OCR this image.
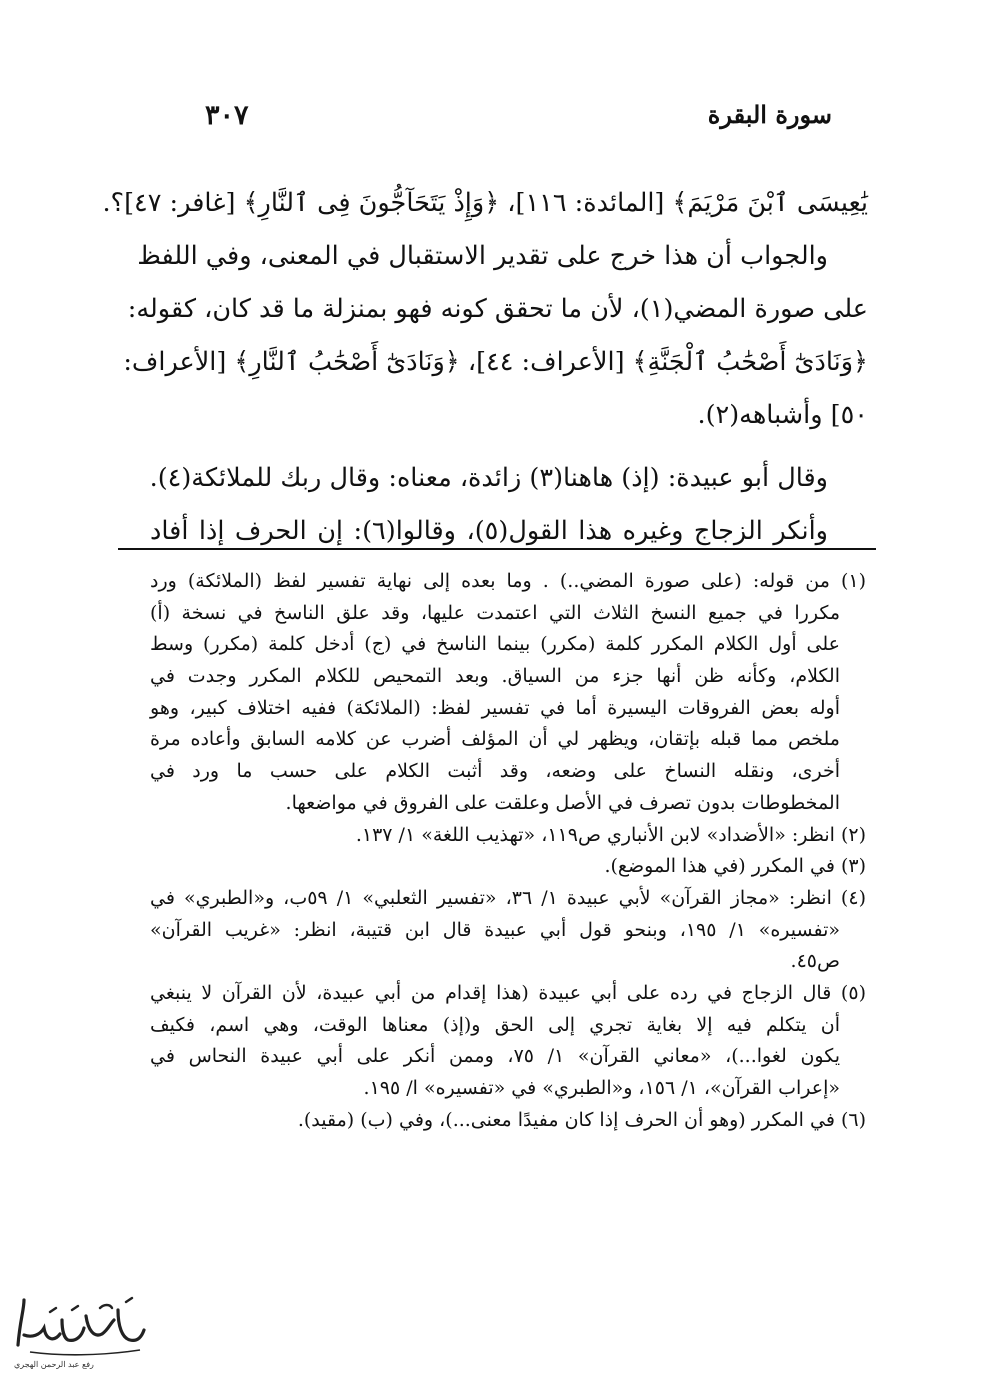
سورة البقرة
٣٠٧
يَٰعِيسَى ٱبْنَ مَرْيَمَ﴾ [المائدة: ١١٦]، ﴿وَإِذْ يَتَحَآجُّونَ فِى ٱلنَّارِ﴾ [غافر: ٤٧]؟.
والجواب أن هذا خرج على تقدير الاستقبال في المعنى، وفي اللفظ
على صورة المضي(١)، لأن ما تحقق كونه فهو بمنزلة ما قد كان، كقوله:
﴿وَنَادَىٰٓ أَصْحَٰبُ ٱلْجَنَّةِ﴾ [الأعراف: ٤٤]، ﴿وَنَادَىٰٓ أَصْحَٰبُ ٱلنَّارِ﴾ [الأعراف:
٥٠] وأشباهه(٢).
وقال أبو عبيدة: (إذ) هاهنا(٣) زائدة، معناه: وقال ربك للملائكة(٤).
وأنكر الزجاج وغيره هذا القول(٥)، وقالوا(٦): إن الحرف إذا أفاد
(١) من قوله: (على صورة المضي..) . وما بعده إلى نهاية تفسير لفظ (الملائكة) ورد
مكررا في جميع النسخ الثلاث التي اعتمدت عليها، وقد علق الناسخ في نسخة (أ)
على أول الكلام المكرر كلمة (مكرر) بينما الناسخ في (ج) أدخل كلمة (مكرر) وسط
الكلام، وكأنه ظن أنها جزء من السياق. وبعد التمحيص للكلام المكرر وجدت في
أوله بعض الفروقات اليسيرة أما في تفسير لفظ: (الملائكة) ففيه اختلاف كبير، وهو
ملخص مما قبله بإتقان، ويظهر لي أن المؤلف أضرب عن كلامه السابق وأعاده مرة
أخرى، ونقله النساخ على وضعه، وقد أثبت الكلام على حسب ما ورد في
المخطوطات بدون تصرف في الأصل وعلقت على الفروق في مواضعها.
(٢) انظر: «الأضداد» لابن الأنباري ص١١٩، «تهذيب اللغة» ١/ ١٣٧.
(٣) في المكرر (في هذا الموضع).
(٤) انظر: «مجاز القرآن» لأبي عبيدة ١/ ٣٦، «تفسير الثعلبي» ١/ ٥٩ب، و«الطبري» في
«تفسيره» ١/ ١٩٥، وبنحو قول أبي عبيدة قال ابن قتيبة، انظر: «غريب القرآن»
ص٤٥.
(٥) قال الزجاج في رده على أبي عبيدة (هذا إقدام من أبي عبيدة، لأن القرآن لا ينبغي
أن يتكلم فيه إلا بغاية تجري إلى الحق و(إذ) معناها الوقت، وهي اسم، فكيف
يكون لغوا...)، «معاني القرآن» ١/ ٧٥، وممن أنكر على أبي عبيدة النحاس في
«إعراب القرآن»، ١/ ١٥٦، و«الطبري» في «تفسيره» ا/ ١٩٥.
(٦) في المكرر (وهو أن الحرف إذا كان مفيدًا معنى...)، وفي (ب) (مقيد).
رفع عبد الرحمن الهجري
